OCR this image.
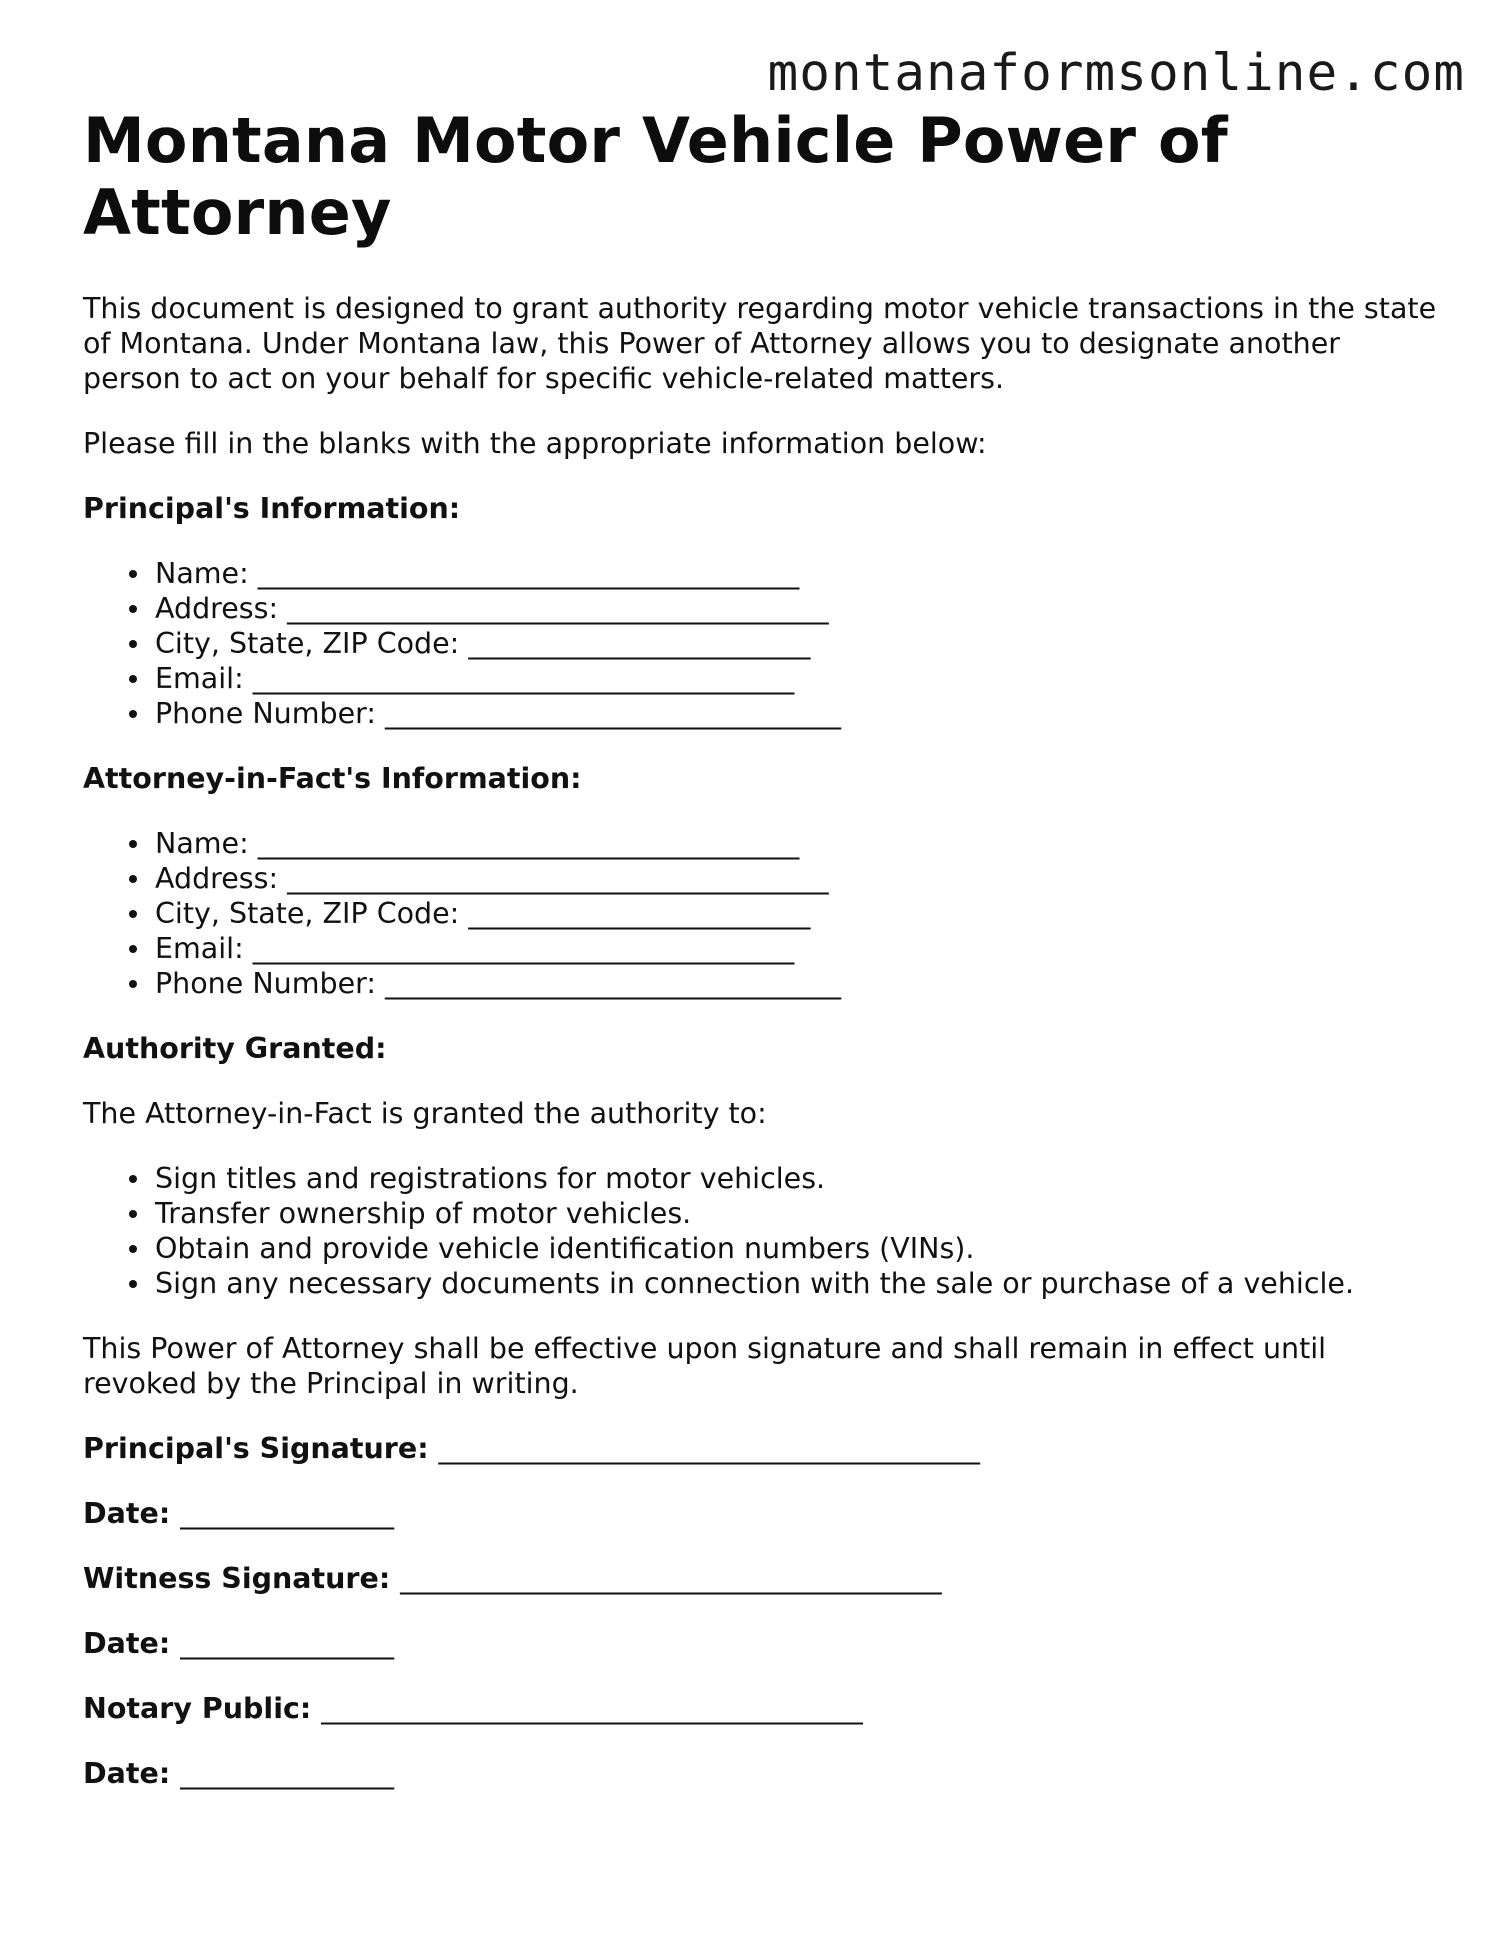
montanaformsonline.com
Montana Motor Vehicle Power of Attorney

This document is designed to grant authority regarding motor vehicle transactions in the state of Montana. Under Montana law, this Power of Attorney allows you to designate another person to act on your behalf for specific vehicle-related matters.

Please fill in the blanks with the appropriate information below:

Principal's Information:

Name: ______________________________________
Address: ______________________________________
City, State, ZIP Code: ________________________
Email: ______________________________________
Phone Number: ________________________________

Attorney-in-Fact's Information:

Name: ______________________________________
Address: ______________________________________
City, State, ZIP Code: ________________________
Email: ______________________________________
Phone Number: ________________________________

Authority Granted:

The Attorney-in-Fact is granted the authority to:

Sign titles and registrations for motor vehicles.
Transfer ownership of motor vehicles.
Obtain and provide vehicle identification numbers (VINs).
Sign any necessary documents in connection with the sale or purchase of a vehicle.

This Power of Attorney shall be effective upon signature and shall remain in effect until revoked by the Principal in writing.

Principal's Signature: ______________________________________

Date: _______________

Witness Signature: ______________________________________

Date: _______________

Notary Public: ______________________________________

Date: _______________
